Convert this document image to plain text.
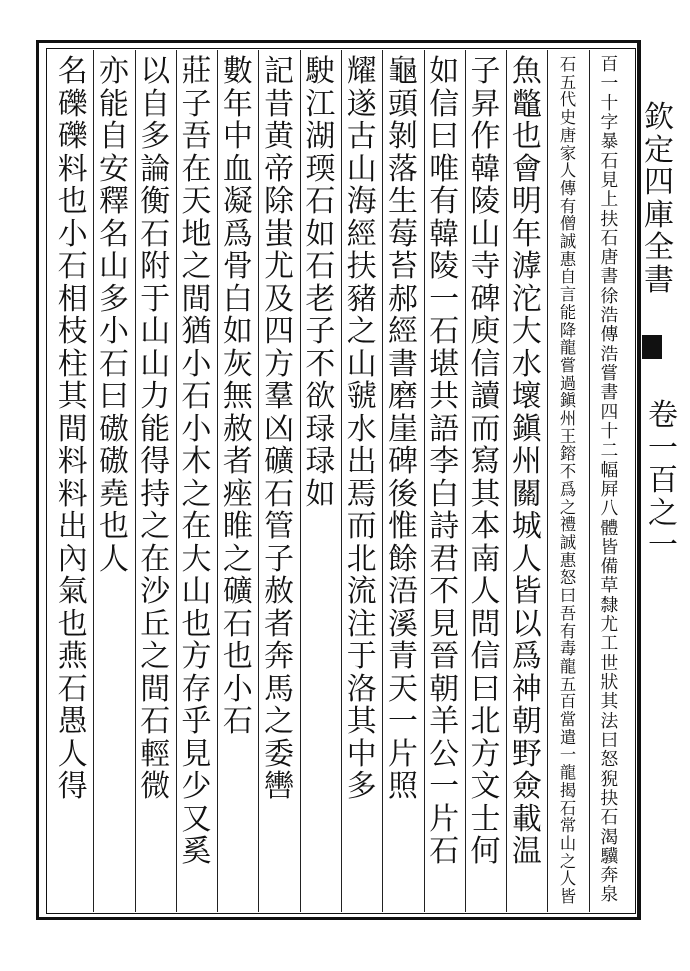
欽
定
四
庫
全
書
卷
一
百
之
一
百
一
十
字
暴
石
見
上
扶
石
唐
書
徐
浩
傳
浩
嘗
書
四
十
二
幅
屛
八
體
皆
備
草
隸
尤
工
世
狀
其
法
曰
怒
猊
抉
石
渴
驥
奔
泉
石
五
代
史
唐
家
人
傳
有
僧
誠
惠
自
言
能
降
龍
嘗
過
鎭
州
王
鎔
不
爲
之
禮
誠
惠
怒
曰
吾
有
毒
龍
五
百
當
遣
一
龍
揭
石
常
山
之
人
皆
魚
鼈
也
會
明
年
滹
沱
大
水
壞
鎭
州
關
城
人
皆
以
爲
神
朝
野
僉
載
温
子
昇
作
韓
陵
山
寺
碑
庾
信
讀
而
寫
其
本
南
人
問
信
曰
北
方
文
士
何
如
信
曰
唯
有
韓
陵
一
石
堪
共
語
李
白
詩
君
不
見
晉
朝
羊
公
一
片
石
龜
頭
剝
落
生
莓
苔
郝
經
書
磨
崖
碑
後
惟
餘
浯
溪
青
天
一
片
照
耀
遂
古
山
海
經
扶
豬
之
山
虢
水
出
焉
而
北
流
注
于
洛
其
中
多
駛
江
湖
瑌
石
如
石
老
子
不
欲
琭
琭
如
記
昔
黄
帝
除
蚩
尤
及
四
方
羣
凶
礦
石
管
子
赦
者
奔
馬
之
委
轡
數
年
中
血
凝
爲
骨
白
如
灰
無
赦
者
痤
睢
之
礦
石
也
小
石
莊
子
吾
在
天
地
之
間
猶
小
石
小
木
之
在
大
山
也
方
存
乎
見
少
又
奚
以
自
多
論
衡
石
附
于
山
山
力
能
得
持
之
在
沙
丘
之
間
石
輕
微
亦
能
自
安
釋
名
山
多
小
石
曰
磝
磝
堯
也
人
名
礫
礫
料
也
小
石
相
枝
柱
其
間
料
料
出
內
氣
也
燕
石
愚
人
得
